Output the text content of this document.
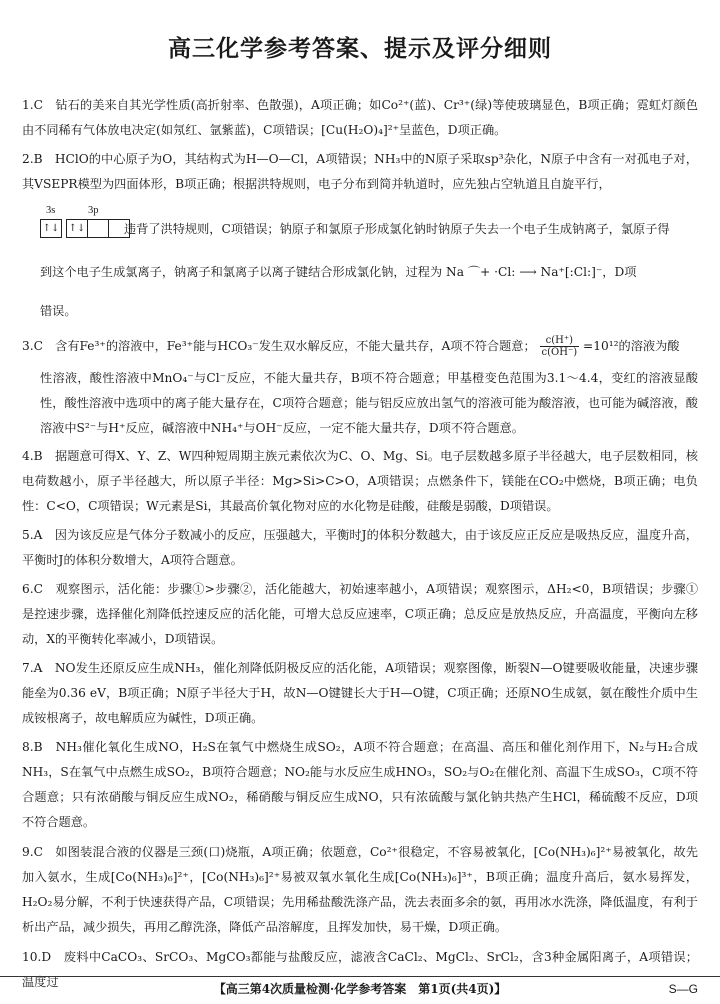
高三化学参考答案、提示及评分细则
1.C　钻石的美来自其光学性质(高折射率、色散强)，A项正确；如Co²⁺(蓝)、Cr³⁺(绿)等使玻璃显色，B项正确；霓虹灯颜色由不同稀有气体放电决定(如氖红、氩紫蓝)，C项错误；[Cu(H₂O)₄]²⁺呈蓝色，D项正确。
2.B　HClO的中心原子为O，其结构式为H—O—Cl，A项错误；NH₃中的N原子采取sp³杂化，N原子中含有一对孤电子对，其VSEPR模型为四面体形，B项正确；根据洪特规则，电子分布到简并轨道时，应先独占空轨道且自旋平行，
3s	3p
↑↓ ↑↓	违背了洪特规则，C项错误；钠原子和氯原子形成氯化钠时钠原子失去一个电子生成钠离子，氯原子得
到这个电子生成氯离子，钠离子和氯离子以离子键结合形成氯化钠，过程为 Na ⌒+ ·Cl: ⟶ Na⁺[:Cl:]⁻，D项
错误。
3.C　含有Fe³⁺的溶液中，Fe³⁺能与HCO₃⁻发生双水解反应，不能大量共存，A项不符合题意； $\frac{c(H^+)}{c(OH^-)} =10^{12}$的溶液为酸
性溶液，酸性溶液中MnO₄⁻与Cl⁻反应，不能大量共存，B项不符合题意；甲基橙变色范围为3.1～4.4，变红的溶液显酸性，酸性溶液中选项中的离子能大量存在，C项符合题意；能与铝反应放出氢气的溶液可能为酸溶液，也可能为碱溶液，酸溶液中S²⁻与H⁺反应，碱溶液中NH₄⁺与OH⁻反应，一定不能大量共存，D项不符合题意。
4.B　据题意可得X、Y、Z、W四种短周期主族元素依次为C、O、Mg、Si。电子层数越多原子半径越大，电子层数相同，核电荷数越小，原子半径越大，所以原子半径：Mg>Si>C>O，A项错误；点燃条件下，镁能在CO₂中燃烧，B项正确；电负性：C<O，C项错误；W元素是Si，其最高价氧化物对应的水化物是硅酸，硅酸是弱酸，D项错误。
5.A　因为该反应是气体分子数减小的反应，压强越大，平衡时J的体积分数越大，由于该反应正反应是吸热反应，温度升高，平衡时J的体积分数增大，A项符合题意。
6.C　观察图示，活化能：步骤①>步骤②，活化能越大，初始速率越小，A项错误；观察图示，ΔH₂<0，B项错误；步骤①是控速步骤，选择催化剂降低控速反应的活化能，可增大总反应速率，C项正确；总反应是放热反应，升高温度，平衡向左移动，X的平衡转化率减小，D项错误。
7.A　NO发生还原反应生成NH₃，催化剂降低阴极反应的活化能，A项错误；观察图像，断裂N—O键要吸收能量，决速步骤能垒为0.36 eV，B项正确；N原子半径大于H，故N—O键键长大于H—O键，C项正确；还原NO生成氨，氨在酸性介质中生成铵根离子，故电解质应为碱性，D项正确。
8.B　NH₃催化氧化生成NO，H₂S在氧气中燃烧生成SO₂，A项不符合题意；在高温、高压和催化剂作用下，N₂与H₂合成NH₃，S在氧气中点燃生成SO₂，B项符合题意；NO₂能与水反应生成HNO₃，SO₂与O₂在催化剂、高温下生成SO₃，C项不符合题意；只有浓硝酸与铜反应生成NO₂，稀硝酸与铜反应生成NO，只有浓硫酸与氯化钠共热产生HCl，稀硫酸不反应，D项不符合题意。
9.C　如图装混合液的仪器是三颈(口)烧瓶，A项正确；依题意，Co²⁺很稳定，不容易被氧化，[Co(NH₃)₆]²⁺易被氧化，故先加入氨水，生成[Co(NH₃)₆]²⁺，[Co(NH₃)₆]²⁺易被双氧水氧化生成[Co(NH₃)₆]³⁺，B项正确；温度升高后，氨水易挥发，H₂O₂易分解，不利于快速获得产品，C项错误；先用稀盐酸洗涤产品，洗去表面多余的氨，再用冰水洗涤，降低温度，有利于析出产品，减少损失，再用乙醇洗涤，降低产品溶解度，且挥发加快，易干燥，D项正确。
10.D　废料中CaCO₃、SrCO₃、MgCO₃都能与盐酸反应，滤液含CaCl₂、MgCl₂、SrCl₂，含3种金属阳离子，A项错误；温度过	【高三第4次质量检测·化学参考答案　第1页(共4页)】	S—G
